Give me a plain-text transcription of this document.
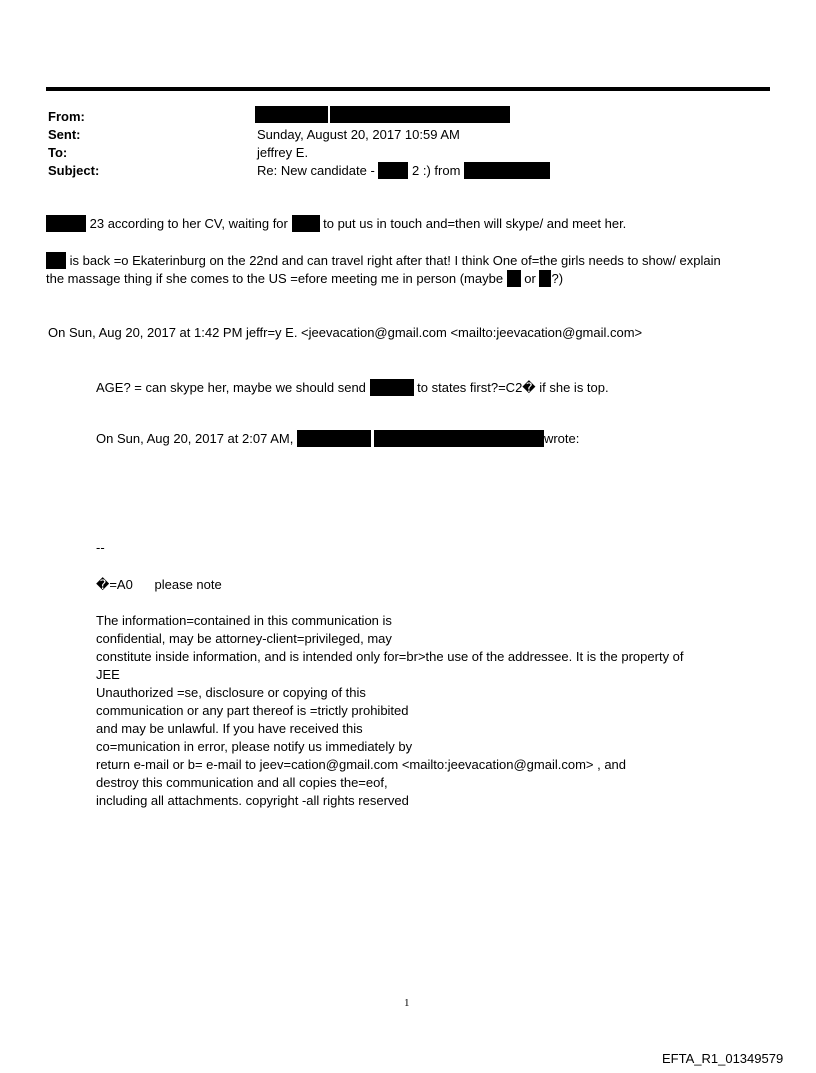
From:
Sent:	Sunday, August 20, 2017 10:59 AM
To:	jeffrey E.
Subject:	Re: New candidate -	2 :) from
23 according to her CV, waiting for	to put us in touch and=then will skype/ and meet her.
is back =o Ekaterinburg on the 22nd and can travel right after that! I think One of=the girls needs to show/ explain
the massage thing if she comes to the US =efore meeting me in person (maybe or ?)
On Sun, Aug 20, 2017 at 1:42 PM jeffr=y E. <jeevacation@gmail.com <mailto:jeevacation@gmail.com>
AGE? = can skype her, maybe we should send	to states first?=C2� if she is top.
On Sun, Aug 20, 2017 at 2:07 AM,	wrote:
--
�=A0      please note
The information=contained in this communication is
confidential, may be attorney-client=privileged, may
constitute inside information, and is intended only for=br>the use of the addressee. It is the property of
JEE
Unauthorized =se, disclosure or copying of this
communication or any part thereof is =trictly prohibited
and may be unlawful. If you have received this
co=munication in error, please notify us immediately by
return e-mail or b= e-mail to jeev=cation@gmail.com <mailto:jeevacation@gmail.com> , and
destroy this communication and all copies the=eof,
including all attachments. copyright -all rights reserved
1
EFTA_R1_01349579
